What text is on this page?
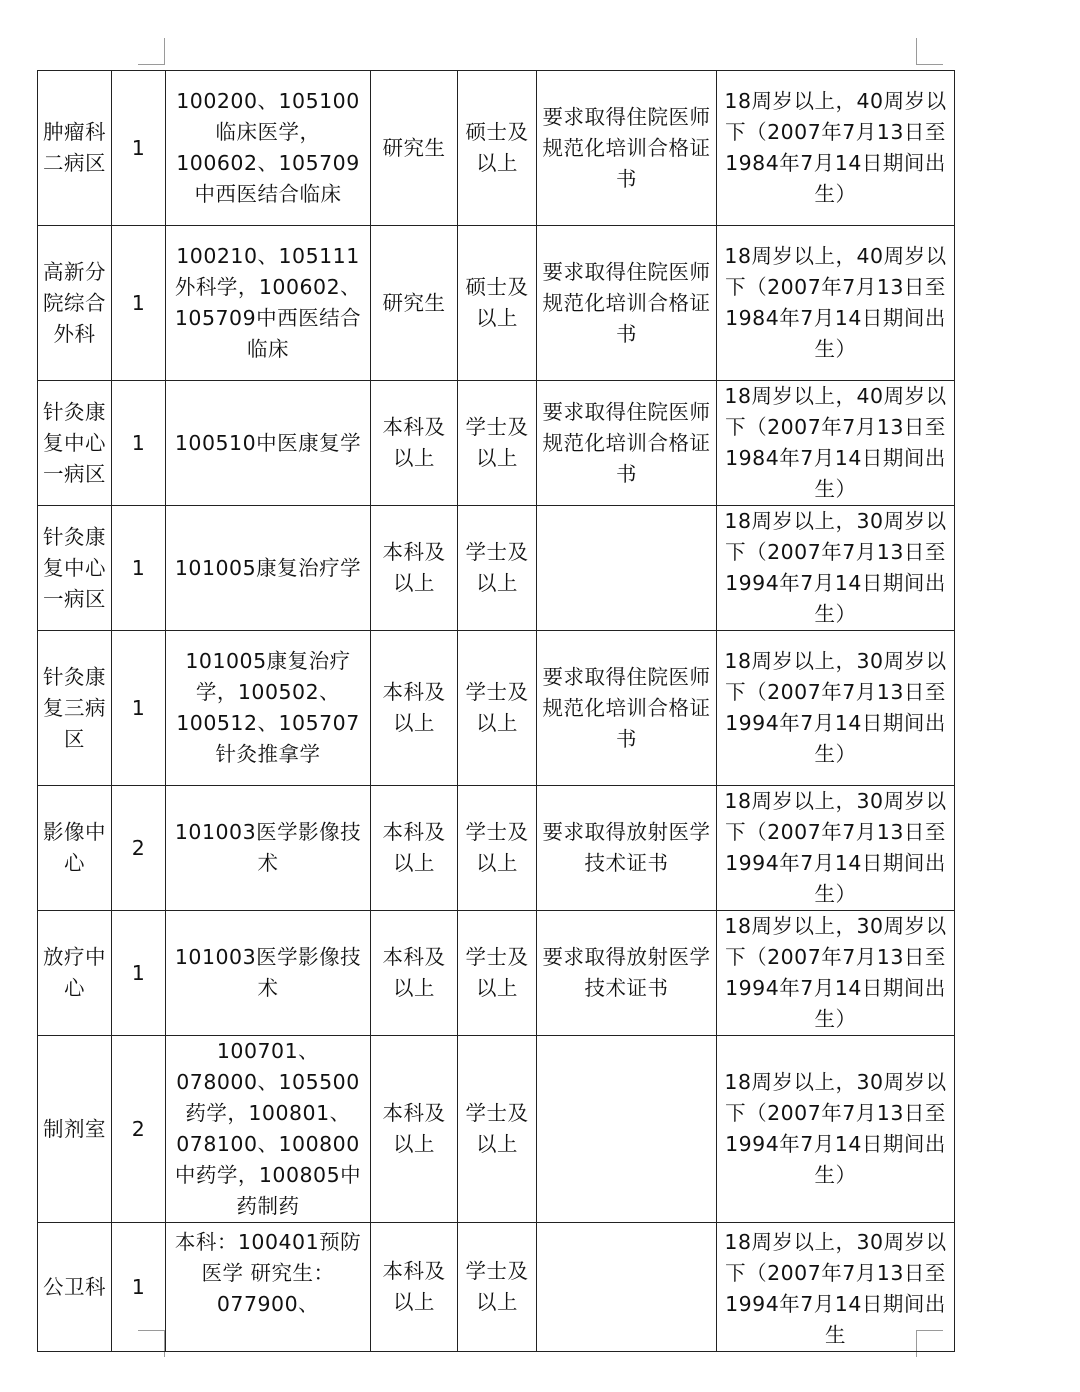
肿瘤科二病区	1	100200、105100临床医学，100602、105709中西医结合临床	研究生	硕士及以上	要求取得住院医师规范化培训合格证书	18周岁以上，40周岁以下（2007年7月13日至1984年7月14日期间出生）
高新分院综合外科	1	100210、105111外科学，100602、105709中西医结合临床	研究生	硕士及以上	要求取得住院医师规范化培训合格证书	18周岁以上，40周岁以下（2007年7月13日至1984年7月14日期间出生）
针灸康复中心一病区	1	100510中医康复学	本科及以上	学士及以上	要求取得住院医师规范化培训合格证书	18周岁以上，40周岁以下（2007年7月13日至1984年7月14日期间出生）
针灸康复中心一病区	1	101005康复治疗学	本科及以上	学士及以上		18周岁以上，30周岁以下（2007年7月13日至1994年7月14日期间出生）
针灸康复三病区	1	101005康复治疗学，100502、100512、105707针灸推拿学	本科及以上	学士及以上	要求取得住院医师规范化培训合格证书	18周岁以上，30周岁以下（2007年7月13日至1994年7月14日期间出生）
影像中心	2	101003医学影像技术	本科及以上	学士及以上	要求取得放射医学技术证书	18周岁以上，30周岁以下（2007年7月13日至1994年7月14日期间出生）
放疗中心	1	101003医学影像技术	本科及以上	学士及以上	要求取得放射医学技术证书	18周岁以上，30周岁以下（2007年7月13日至1994年7月14日期间出生）
制剂室	2	100701、078000、105500药学，100801、078100、100800中药学，100805中药制药	本科及以上	学士及以上		18周岁以上，30周岁以下（2007年7月13日至1994年7月14日期间出生）
公卫科	1	本科：100401预防医学 研究生：077900、	本科及以上	学士及以上		18周岁以上，30周岁以下（2007年7月13日至1994年7月14日期间出生
